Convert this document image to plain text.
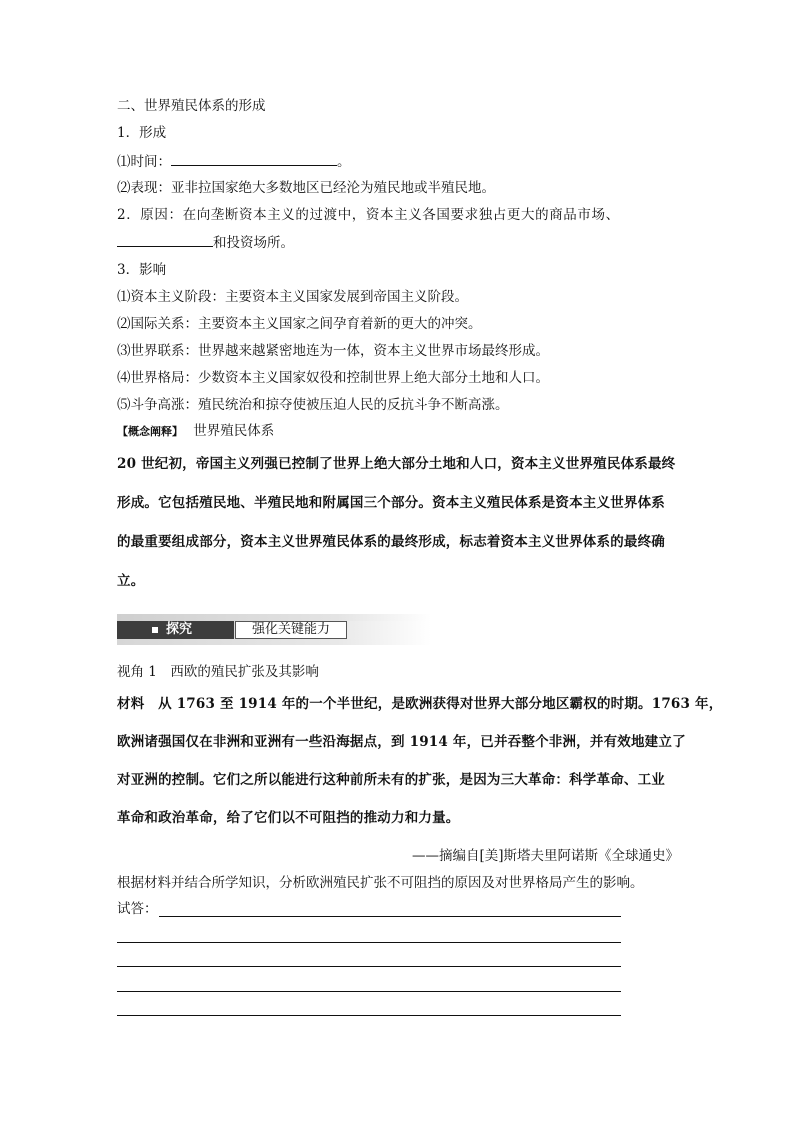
二、世界殖民体系的形成
1．形成
⑴时间：	。
⑵表现：亚非拉国家绝大多数地区已经沦为殖民地或半殖民地。
2．原因：在向垄断资本主义的过渡中，资本主义各国要求独占更大的商品市场、
和投资场所。
3．影响
⑴资本主义阶段：主要资本主义国家发展到帝国主义阶段。
⑵国际关系：主要资本主义国家之间孕育着新的更大的冲突。
⑶世界联系：世界越来越紧密地连为一体，资本主义世界市场最终形成。
⑷世界格局：少数资本主义国家奴役和控制世界上绝大部分土地和人口。
⑸斗争高涨：殖民统治和掠夺使被压迫人民的反抗斗争不断高涨。
【概念阐释】 世界殖民体系
20 世纪初，帝国主义列强已控制了世界上绝大部分土地和人口，资本主义世界殖民体系最终
形成。它包括殖民地、半殖民地和附属国三个部分。资本主义殖民体系是资本主义世界体系
的最重要组成部分，资本主义世界殖民体系的最终形成，标志着资本主义世界体系的最终确
立。
探究	强化关键能力
视角 1　西欧的殖民扩张及其影响
材料　从 1763 至 1914 年的一个半世纪，是欧洲获得对世界大部分地区霸权的时期。1763 年，
欧洲诸强国仅在非洲和亚洲有一些沿海据点，到 1914 年，已并吞整个非洲，并有效地建立了
对亚洲的控制。它们之所以能进行这种前所未有的扩张，是因为三大革命：科学革命、工业
革命和政治革命，给了它们以不可阻挡的推动力和力量。
——摘编自[美]斯塔夫里阿诺斯《全球通史》
根据材料并结合所学知识，分析欧洲殖民扩张不可阻挡的原因及对世界格局产生的影响。
试答：
